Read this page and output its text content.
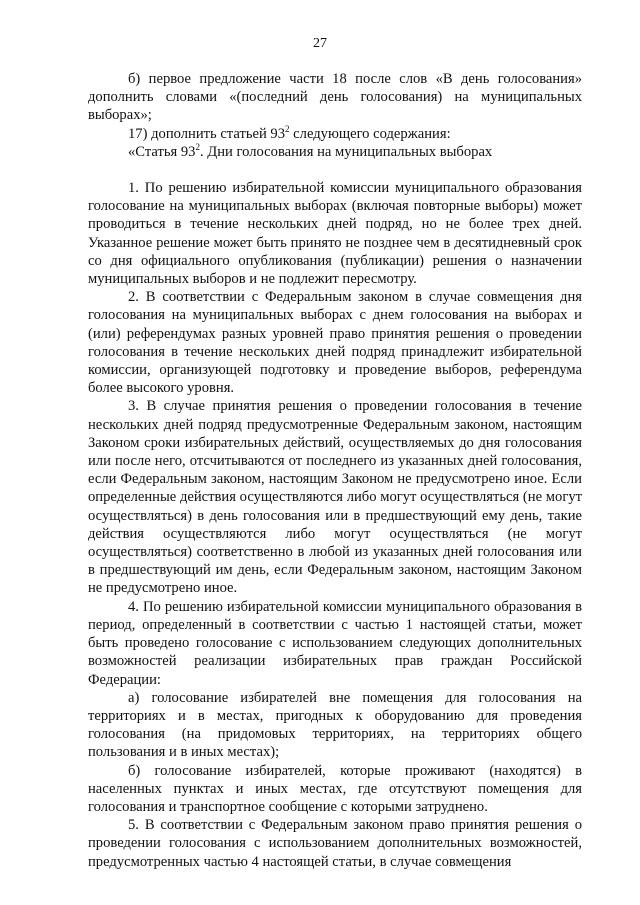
27

б) первое предложение части 18 после слов «В день голосования» дополнить словами «(последний день голосования) на муниципальных выборах»;

17) дополнить статьей $93^2$ следующего содержания:

«Статья $93^2$. Дни голосования на муниципальных выборах

1. По решению избирательной комиссии муниципального образования голосование на муниципальных выборах (включая повторные выборы) может проводиться в течение нескольких дней подряд, но не более трех дней. Указанное решение может быть принято не позднее чем в десятидневный срок со дня официального опубликования (публикации) решения о назначении муниципальных выборов и не подлежит пересмотру.

2. В соответствии с Федеральным законом в случае совмещения дня голосования на муниципальных выборах с днем голосования на выборах и (или) референдумах разных уровней право принятия решения о проведении голосования в течение нескольких дней подряд принадлежит избирательной комиссии, организующей подготовку и проведение выборов, референдума более высокого уровня.

3. В случае принятия решения о проведении голосования в течение нескольких дней подряд предусмотренные Федеральным законом, настоящим Законом сроки избирательных действий, осуществляемых до дня голосования или после него, отсчитываются от последнего из указанных дней голосования, если Федеральным законом, настоящим Законом не предусмотрено иное. Если определенные действия осуществляются либо могут осуществляться (не могут осуществляться) в день голосования или в предшествующий ему день, такие действия осуществляются либо могут осуществляться (не могут осуществляться) соответственно в любой из указанных дней голосования или в предшествующий им день, если Федеральным законом, настоящим Законом не предусмотрено иное.

4. По решению избирательной комиссии муниципального образования в период, определенный в соответствии с частью 1 настоящей статьи, может быть проведено голосование с использованием следующих дополнительных возможностей реализации избирательных прав граждан Российской Федерации:

а) голосование избирателей вне помещения для голосования на территориях и в местах, пригодных к оборудованию для проведения голосования (на придомовых территориях, на территориях общего пользования и в иных местах);

б) голосование избирателей, которые проживают (находятся) в населенных пунктах и иных местах, где отсутствуют помещения для голосования и транспортное сообщение с которыми затруднено.

5. В соответствии с Федеральным законом право принятия решения о проведении голосования с использованием дополнительных возможностей, предусмотренных частью 4 настоящей статьи, в случае совмещения
